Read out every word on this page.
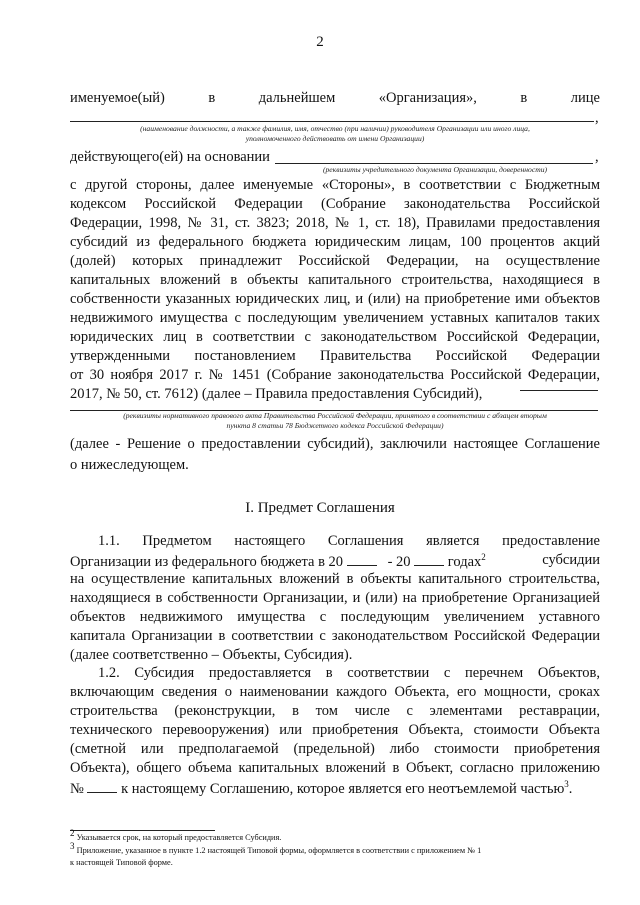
2
именуемое(ый)	в	дальнейшем	«Организация»,	в	лице
,
(наименование должности, а также фамилия, имя, отчество (при наличии) руководителя Организации или иного лица,
уполномоченного действовать от имени Организации)
действующего(ей) на основании	,
(реквизиты учредительного документа Организации, доверенности)
с другой стороны, далее именуемые «Стороны», в соответствии с Бюджетным
кодексом Российской Федерации (Собрание законодательства Российской
Федерации, 1998, № 31, ст. 3823; 2018, № 1, ст. 18), Правилами предоставления
субсидий из федерального бюджета юридическим лицам, 100 процентов акций
(долей) которых принадлежит Российской Федерации, на осуществление
капитальных вложений в объекты капитального строительства, находящиеся в
собственности указанных юридических лиц, и (или) на приобретение ими объектов
недвижимого имущества с последующим увеличением уставных капиталов таких
юридических лиц в соответствии с законодательством Российской Федерации,
утвержденными постановлением Правительства Российской Федерации
от 30 ноября 2017 г. № 1451 (Собрание законодательства Российской Федерации,
2017, № 50, ст. 7612) (далее – Правила предоставления Субсидий),
(реквизиты нормативного правового акта Правительства Российской Федерации, принятого в соответствии с абзацем вторым
пункта 8 статьи 78 Бюджетного кодекса Российской Федерации)
(далее - Решение о предоставлении субсидий), заключили настоящее Соглашение
о нижеследующем.
I. Предмет Соглашения
1.1. Предметом настоящего Соглашения является предоставление
Организации из федерального бюджета в 20	- 20	годах$^2$	субсидии
на осуществление капитальных вложений в объекты капитального строительства,
находящиеся в собственности Организации, и (или) на приобретение Организацией
объектов недвижимого имущества с последующим увеличением уставного
капитала Организации в соответствии с законодательством Российской Федерации
(далее соответственно – Объекты, Субсидия).
1.2. Субсидия предоставляется в соответствии с перечнем Объектов,
включающим сведения о наименовании каждого Объекта, его мощности, сроках
строительства (реконструкции, в том числе с элементами реставрации,
технического перевооружения) или приобретения Объекта, стоимости Объекта
(сметной или предполагаемой (предельной) либо стоимости приобретения
Объекта), общего объема капитальных вложений в Объект, согласно приложению
№	к настоящему Соглашению, которое является его неотъемлемой частью$^3$.
$^2$ Указывается срок, на который предоставляется Субсидия.
$^3$ Приложение, указанное в пункте 1.2 настоящей Типовой формы, оформляется в соответствии с приложением № 1
к настоящей Типовой форме.
